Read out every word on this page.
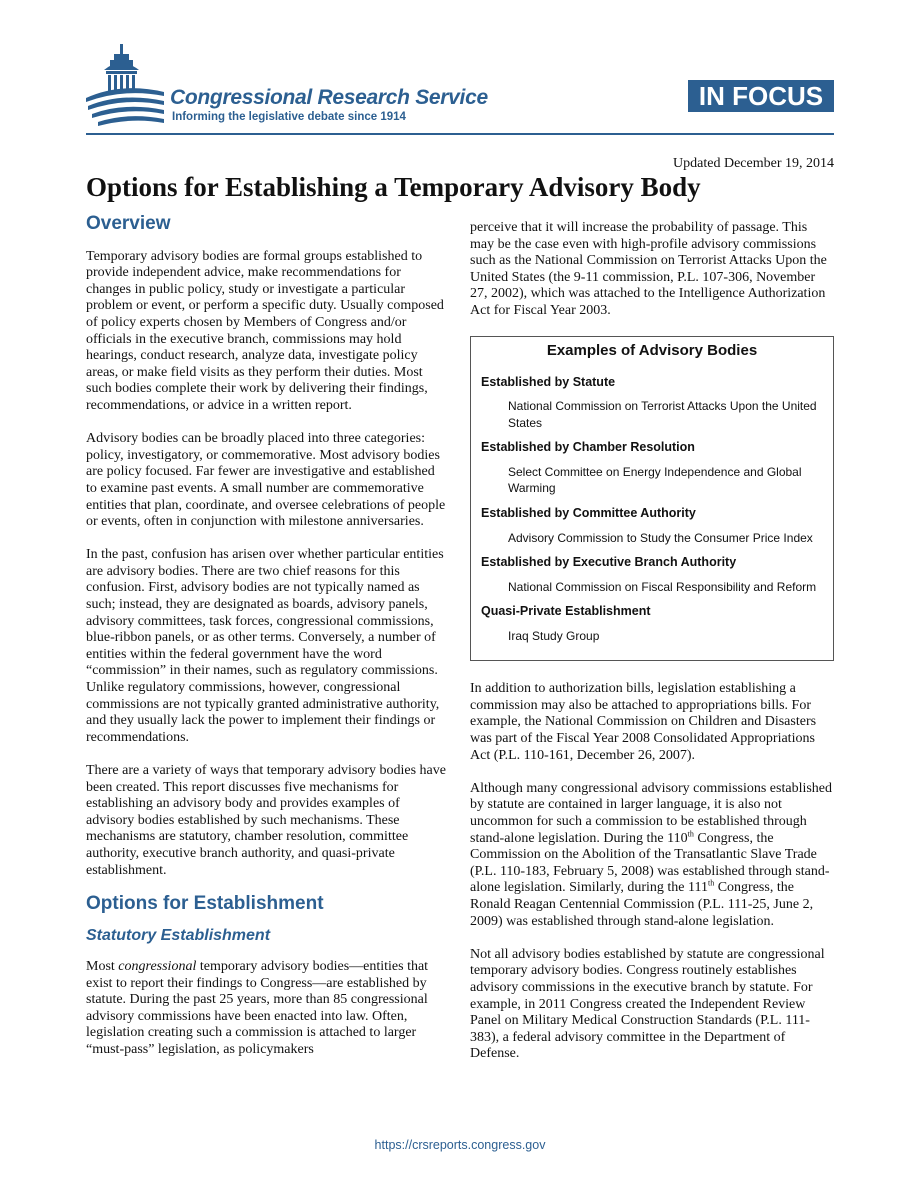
Congressional Research Service
Informing the legislative debate since 1914
IN FOCUS
Updated December 19, 2014
Options for Establishing a Temporary Advisory Body
Overview

Temporary advisory bodies are formal groups established to provide independent advice, make recommendations for changes in public policy, study or investigate a particular problem or event, or perform a specific duty. Usually composed of policy experts chosen by Members of Congress and/or officials in the executive branch, commissions may hold hearings, conduct research, analyze data, investigate policy areas, or make field visits as they perform their duties. Most such bodies complete their work by delivering their findings, recommendations, or advice in a written report.

Advisory bodies can be broadly placed into three categories: policy, investigatory, or commemorative. Most advisory bodies are policy focused. Far fewer are investigative and established to examine past events. A small number are commemorative entities that plan, coordinate, and oversee celebrations of people or events, often in conjunction with milestone anniversaries.

In the past, confusion has arisen over whether particular entities are advisory bodies. There are two chief reasons for this confusion. First, advisory bodies are not typically named as such; instead, they are designated as boards, advisory panels, advisory committees, task forces, congressional commissions, blue-ribbon panels, or as other terms. Conversely, a number of entities within the federal government have the word “commission” in their names, such as regulatory commissions. Unlike regulatory commissions, however, congressional commissions are not typically granted administrative authority, and they usually lack the power to implement their findings or recommendations.

There are a variety of ways that temporary advisory bodies have been created. This report discusses five mechanisms for establishing an advisory body and provides examples of advisory bodies established by such mechanisms. These mechanisms are statutory, chamber resolution, committee authority, executive branch authority, and quasi-private establishment.

Options for Establishment
Statutory Establishment

Most congressional temporary advisory bodies—entities that exist to report their findings to Congress—are established by statute. During the past 25 years, more than 85 congressional advisory commissions have been enacted into law. Often, legislation creating such a commission is attached to larger “must-pass” legislation, as policymakers

perceive that it will increase the probability of passage. This may be the case even with high-profile advisory commissions such as the National Commission on Terrorist Attacks Upon the United States (the 9-11 commission, P.L. 107-306, November 27, 2002), which was attached to the Intelligence Authorization Act for Fiscal Year 2003.

Examples of Advisory Bodies
Established by Statute
National Commission on Terrorist Attacks Upon the United States
Established by Chamber Resolution
Select Committee on Energy Independence and Global Warming
Established by Committee Authority
Advisory Commission to Study the Consumer Price Index
Established by Executive Branch Authority
National Commission on Fiscal Responsibility and Reform
Quasi-Private Establishment
Iraq Study Group

In addition to authorization bills, legislation establishing a commission may also be attached to appropriations bills. For example, the National Commission on Children and Disasters was part of the Fiscal Year 2008 Consolidated Appropriations Act (P.L. 110-161, December 26, 2007).

Although many congressional advisory commissions established by statute are contained in larger language, it is also not uncommon for such a commission to be established through stand-alone legislation. During the 110th Congress, the Commission on the Abolition of the Transatlantic Slave Trade (P.L. 110-183, February 5, 2008) was established through stand-alone legislation. Similarly, during the 111th Congress, the Ronald Reagan Centennial Commission (P.L. 111-25, June 2, 2009) was established through stand-alone legislation.

Not all advisory bodies established by statute are congressional temporary advisory bodies. Congress routinely establishes advisory commissions in the executive branch by statute. For example, in 2011 Congress created the Independent Review Panel on Military Medical Construction Standards (P.L. 111-383), a federal advisory committee in the Department of Defense.

https://crsreports.congress.gov
